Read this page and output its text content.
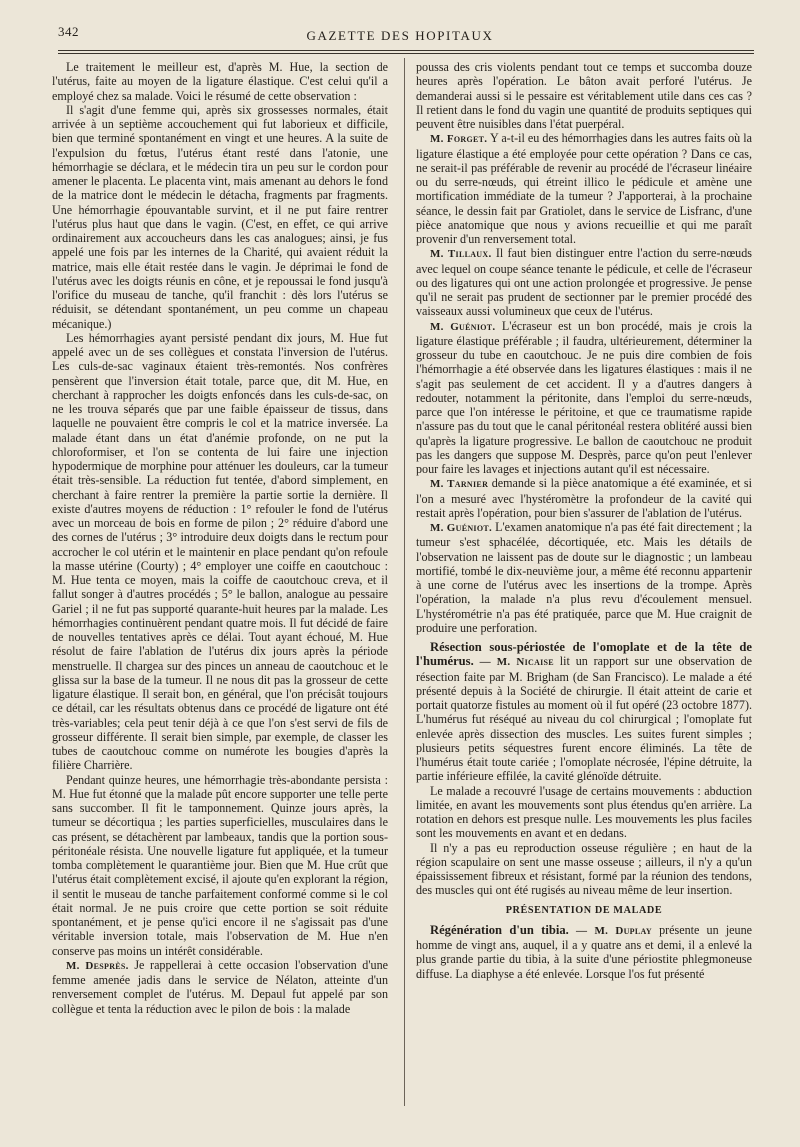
342	GAZETTE DES HOPITAUX

Le traitement le meilleur est, d'après M. Hue, la section de l'utérus, faite au moyen de la ligature élastique. C'est celui qu'il a employé chez sa malade. Voici le résumé de cette observation :

Il s'agit d'une femme qui, après six grossesses normales, était arrivée à un septième accouchement qui fut laborieux et difficile, bien que terminé spontanément en vingt et une heures. A la suite de l'expulsion du fœtus, l'utérus étant resté dans l'atonie, une hémorrhagie se déclara, et le médecin tira un peu sur le cordon pour amener le placenta. Le placenta vint, mais amenant au dehors le fond de la matrice dont le médecin le détacha, fragments par fragments. Une hémorrhagie épouvantable survint, et il ne put faire rentrer l'utérus plus haut que dans le vagin. (C'est, en effet, ce qui arrive ordinairement aux accoucheurs dans les cas analogues; ainsi, je fus appelé une fois par les internes de la Charité, qui avaient réduit la matrice, mais elle était restée dans le vagin. Je déprimai le fond de l'utérus avec les doigts réunis en cône, et je repoussai le fond jusqu'à l'orifice du museau de tanche, qu'il franchit : dès lors l'utérus se réduisit, se détendant spontanément, un peu comme un chapeau mécanique.)

Les hémorrhagies ayant persisté pendant dix jours, M. Hue fut appelé avec un de ses collègues et constata l'inversion de l'utérus. Les culs-de-sac vaginaux étaient très-remontés. Nos confrères pensèrent que l'inversion était totale, parce que, dit M. Hue, en cherchant à rapprocher les doigts enfoncés dans les culs-de-sac, on ne les trouva séparés que par une faible épaisseur de tissus, dans laquelle ne pouvaient être compris le col et la matrice inversée. La malade étant dans un état d'anémie profonde, on ne put la chloroformiser, et l'on se contenta de lui faire une injection hypodermique de morphine pour atténuer les douleurs, car la tumeur était très-sensible. La réduction fut tentée, d'abord simplement, en cherchant à faire rentrer la première la partie sortie la dernière. Il existe d'autres moyens de réduction : 1° refouler le fond de l'utérus avec un morceau de bois en forme de pilon ; 2° réduire d'abord une des cornes de l'utérus ; 3° introduire deux doigts dans le rectum pour accrocher le col utérin et le maintenir en place pendant qu'on refoule la masse utérine (Courty) ; 4° employer une coiffe en caoutchouc : M. Hue tenta ce moyen, mais la coiffe de caoutchouc creva, et il fallut songer à d'autres procédés ; 5° le ballon, analogue au pessaire Gariel ; il ne fut pas supporté quarante-huit heures par la malade. Les hémorrhagies continuèrent pendant quatre mois. Il fut décidé de faire de nouvelles tentatives après ce délai. Tout ayant échoué, M. Hue résolut de faire l'ablation de l'utérus dix jours après la période menstruelle. Il chargea sur des pinces un anneau de caoutchouc et le glissa sur la base de la tumeur. Il ne nous dit pas la grosseur de cette ligature élastique. Il serait bon, en général, que l'on précisât toujours ce détail, car les résultats obtenus dans ce procédé de ligature ont été très-variables; cela peut tenir déjà à ce que l'on s'est servi de fils de grosseur différente. Il serait bien simple, par exemple, de classer les tubes de caoutchouc comme on numérote les bougies d'après la filière Charrière.

Pendant quinze heures, une hémorrhagie très-abondante persista : M. Hue fut étonné que la malade pût encore supporter une telle perte sans succomber. Il fit le tamponnement. Quinze jours après, la tumeur se décortiqua ; les parties superficielles, musculaires dans le cas présent, se détachèrent par lambeaux, tandis que la portion sous-péritonéale résista. Une nouvelle ligature fut appliquée, et la tumeur tomba complètement le quarantième jour. Bien que M. Hue crût que l'utérus était complètement excisé, il ajoute qu'en explorant la région, il sentit le museau de tanche parfaitement conformé comme si le col était normal. Je ne puis croire que cette portion se soit réduite spontanément, et je pense qu'ici encore il ne s'agissait pas d'une véritable inversion totale, mais l'observation de M. Hue n'en conserve pas moins un intérêt considérable.

M. Desprès. Je rappellerai à cette occasion l'observation d'une femme amenée jadis dans le service de Nélaton, atteinte d'un renversement complet de l'utérus. M. Depaul fut appelé par son collègue et tenta la réduction avec le pilon de bois : la malade

poussa des cris violents pendant tout ce temps et succomba douze heures après l'opération. Le bâton avait perforé l'utérus. Je demanderai aussi si le pessaire est véritablement utile dans ces cas ? Il retient dans le fond du vagin une quantité de produits septiques qui peuvent être nuisibles dans l'état puerpéral.

M. Forget. Y a-t-il eu des hémorrhagies dans les autres faits où la ligature élastique a été employée pour cette opération ? Dans ce cas, ne serait-il pas préférable de revenir au procédé de l'écraseur linéaire ou du serre-nœuds, qui étreint illico le pédicule et amène une mortification immédiate de la tumeur ? J'apporterai, à la prochaine séance, le dessin fait par Gratiolet, dans le service de Lisfranc, d'une pièce anatomique que nous y avions recueillie et qui me paraît provenir d'un renversement total.

M. Tillaux. Il faut bien distinguer entre l'action du serre-nœuds avec lequel on coupe séance tenante le pédicule, et celle de l'écraseur ou des ligatures qui ont une action prolongée et progressive. Je pense qu'il ne serait pas prudent de sectionner par le premier procédé des vaisseaux aussi volumineux que ceux de l'utérus.

M. Guéniot. L'écraseur est un bon procédé, mais je crois la ligature élastique préférable ; il faudra, ultérieurement, déterminer la grosseur du tube en caoutchouc. Je ne puis dire combien de fois l'hémorrhagie a été observée dans les ligatures élastiques : mais il ne s'agit pas seulement de cet accident. Il y a d'autres dangers à redouter, notamment la péritonite, dans l'emploi du serre-nœuds, parce que l'on intéresse le péritoine, et que ce traumatisme rapide n'assure pas du tout que le canal péritonéal restera oblitéré aussi bien qu'après la ligature progressive. Le ballon de caoutchouc ne produit pas les dangers que suppose M. Desprès, parce qu'on peut l'enlever pour faire les lavages et injections autant qu'il est nécessaire.

M. Tarnier demande si la pièce anatomique a été examinée, et si l'on a mesuré avec l'hystéromètre la profondeur de la cavité qui restait après l'opération, pour bien s'assurer de l'ablation de l'utérus.

M. Guéniot. L'examen anatomique n'a pas été fait directement ; la tumeur s'est sphacélée, décortiquée, etc. Mais les détails de l'observation ne laissent pas de doute sur le diagnostic ; un lambeau mortifié, tombé le dix-neuvième jour, a même été reconnu appartenir à une corne de l'utérus avec les insertions de la trompe. Après l'opération, la malade n'a plus revu d'écoulement mensuel. L'hystérométrie n'a pas été pratiquée, parce que M. Hue craignit de produire une perforation.

Résection sous-périostée de l'omoplate et de la tête de l'humérus. — M. Nicaise lit un rapport sur une observation de résection faite par M. Brigham (de San Francisco). Le malade a été présenté depuis à la Société de chirurgie. Il était atteint de carie et portait quatorze fistules au moment où il fut opéré (23 octobre 1877). L'humérus fut réséqué au niveau du col chirurgical ; l'omoplate fut enlevée après dissection des muscles. Les suites furent simples ; plusieurs petits séquestres furent encore éliminés. La tête de l'humérus était toute cariée ; l'omoplate nécrosée, l'épine détruite, la partie inférieure effilée, la cavité glénoïde détruite.

Le malade a recouvré l'usage de certains mouvements : abduction limitée, en avant les mouvements sont plus étendus qu'en arrière. La rotation en dehors est presque nulle. Les mouvements les plus faciles sont les mouvements en avant et en dedans.

Il n'y a pas eu reproduction osseuse régulière ; en haut de la région scapulaire on sent une masse osseuse ; ailleurs, il n'y a qu'un épaississement fibreux et résistant, formé par la réunion des tendons, des muscles qui ont été rugisés au niveau même de leur insertion.

PRÉSENTATION DE MALADE

Régénération d'un tibia. — M. Duplay présente un jeune homme de vingt ans, auquel, il a y quatre ans et demi, il a enlevé la plus grande partie du tibia, à la suite d'une périostite phlegmoneuse diffuse. La diaphyse a été enlevée. Lorsque l'os fut présenté
